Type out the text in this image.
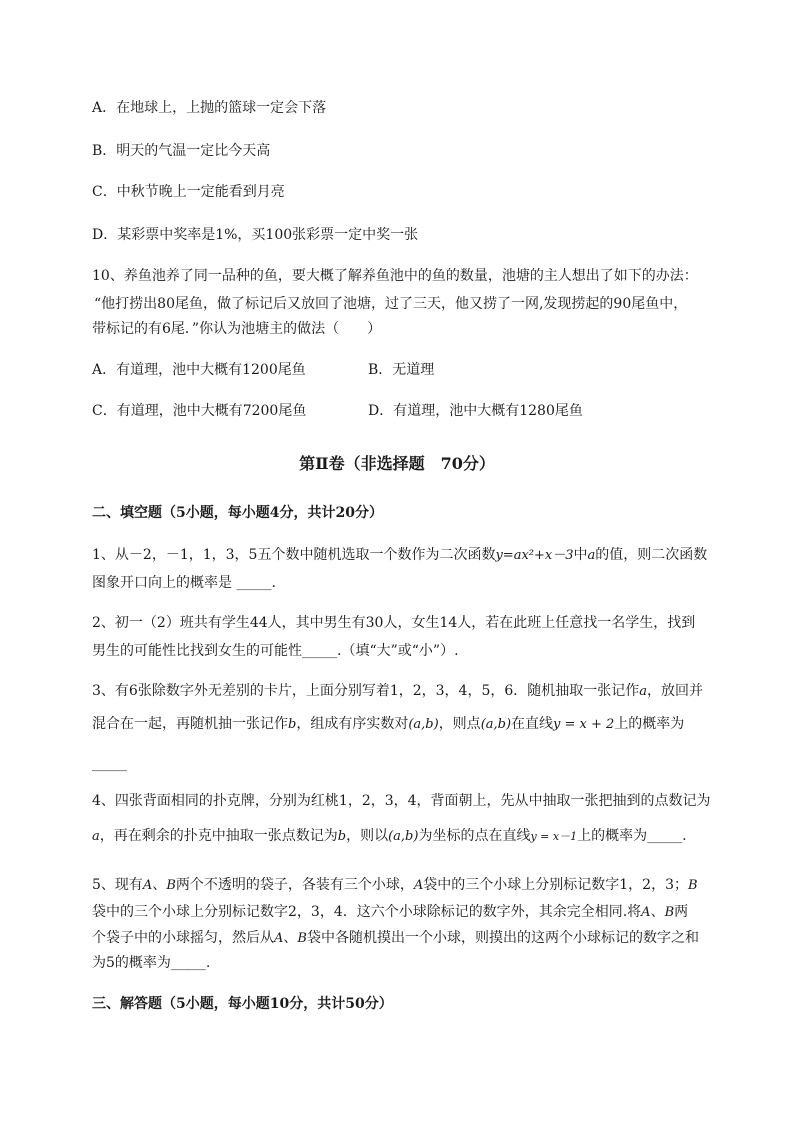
A．在地球上，上抛的篮球一定会下落
B．明天的气温一定比今天高
C．中秋节晚上一定能看到月亮
D．某彩票中奖率是1%，买100张彩票一定中奖一张
10、养鱼池养了同一品种的鱼，要大概了解养鱼池中的鱼的数量，池塘的主人想出了如下的办法：
“他打捞出80尾鱼，做了标记后又放回了池塘，过了三天，他又捞了一网,发现捞起的90尾鱼中，
带标记的有6尾．”你认为池塘主的做法（　　）
A．有道理，池中大概有1200尾鱼	B．无道理
C．有道理，池中大概有7200尾鱼	D．有道理，池中大概有1280尾鱼
第Ⅱ卷（非选择题　70分）
二、填空题（5小题，每小题4分，共计20分）
1、从－2，－1，1，3，5五个数中随机选取一个数作为二次函数y=ax²+x－3中a的值，则二次函数
图象开口向上的概率是 _____.
2、初一（2）班共有学生44人，其中男生有30人，女生14人，若在此班上任意找一名学生，找到
男生的可能性比找到女生的可能性_____.（填“大”或“小”）.
3、有6张除数字外无差别的卡片，上面分别写着1，2，3，4，5，6．随机抽取一张记作a，放回并
混合在一起，再随机抽一张记作b，组成有序实数对(a,b)，则点(a,b)在直线y = x + 2上的概率为
_____
4、四张背面相同的扑克牌，分别为红桃1，2，3，4，背面朝上，先从中抽取一张把抽到的点数记为
a，再在剩余的扑克中抽取一张点数记为b，则以(a,b)为坐标的点在直线y = x－1上的概率为_____.
5、现有A、B两个不透明的袋子，各装有三个小球，A袋中的三个小球上分别标记数字1，2，3；B
袋中的三个小球上分别标记数字2，3，4．这六个小球除标记的数字外，其余完全相同.将A、B两
个袋子中的小球摇匀，然后从A、B袋中各随机摸出一个小球，则摸出的这两个小球标记的数字之和
为5的概率为_____.
三、解答题（5小题，每小题10分，共计50分）
